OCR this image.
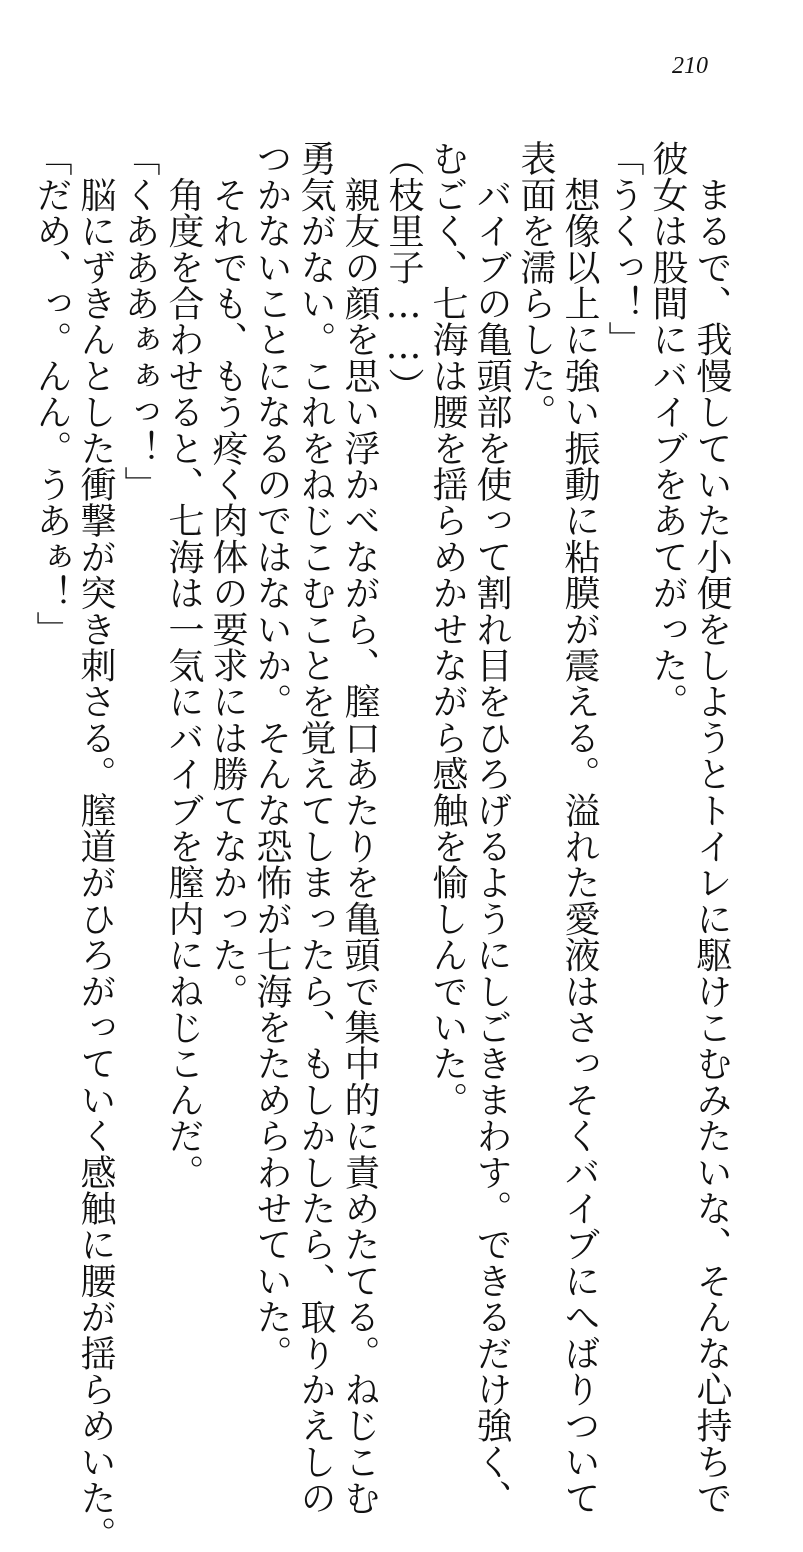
210

　まるで、我慢していた小便をしようとトイレに駆けこむみたいな、そんな心持ちで

彼女は股間にバイブをあてがった。

「うくっ！」

　想像以上に強い振動に粘膜が震える。溢れた愛液はさっそくバイブにへばりついて

表面を濡らした。

　バイブの亀頭部を使って割れ目をひろげるようにしごきまわす。できるだけ強く、

むごく、七海は腰を揺らめかせながら感触を愉しんでいた。

（枝里子……）

　親友の顔を思い浮かべながら、膣口あたりを亀頭で集中的に責めたてる。ねじこむ

勇気がない。これをねじこむことを覚えてしまったら、もしかしたら、取りかえしの

つかないことになるのではないか。そんな恐怖が七海をためらわせていた。

　それでも、もう疼く肉体の要求には勝てなかった。

　角度を合わせると、七海は一気にバイブを膣内にねじこんだ。

「くあああぁぁっ！」

　脳にずきんとした衝撃が突き刺さる。膣道がひろがっていく感触に腰が揺らめいた。

「だめ、っ。んん。うあぁ！」
